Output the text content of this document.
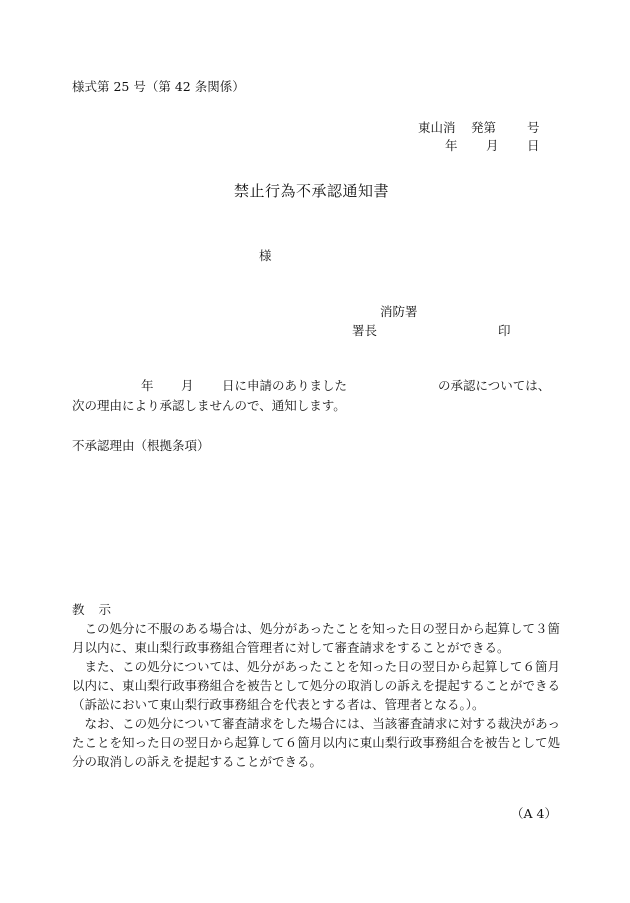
様式第 25 号（第 42 条関係）
東山消 発第 号
年 月 日
禁止行為不承認通知書
様
消防署
署長	印
年 月 日に申請のありました	の承認については、
次の理由により承認しませんので、通知します。
不承認理由（根拠条項）
教 示

この処分に不服のある場合は、処分があったことを知った日の翌日から起算して３箇月以内に、東山梨行政事務組合管理者に対して審査請求をすることができる。

また、この処分については、処分があったことを知った日の翌日から起算して６箇月以内に、東山梨行政事務組合を被告として処分の取消しの訴えを提起することができる（訴訟において東山梨行政事務組合を代表とする者は、管理者となる。）。

なお、この処分について審査請求をした場合には、当該審査請求に対する裁決があったことを知った日の翌日から起算して６箇月以内に東山梨行政事務組合を被告として処分の取消しの訴えを提起することができる。

（A 4）
